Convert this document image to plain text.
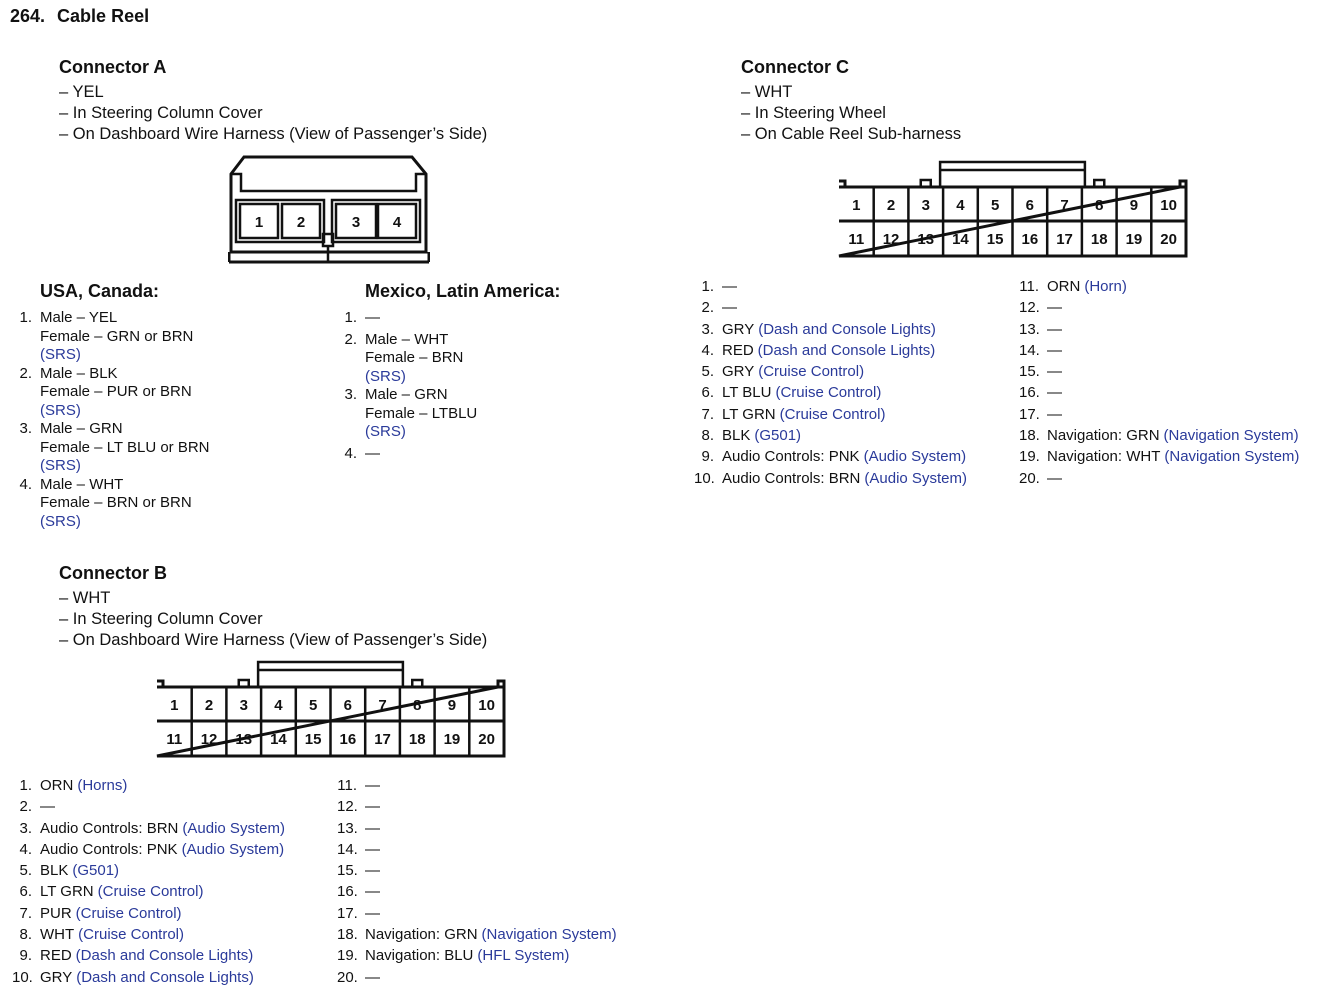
264. Cable Reel
Connector A
– YEL
– In Steering Column Cover
– On Dashboard Wire Harness (View of Passenger’s Side)
1 2	3 4
USA, Canada:
1. Male – YEL
Female – GRN or BRN
(SRS)
2. Male – BLK
Female – PUR or BRN
(SRS)
3. Male – GRN
Female – LT BLU or BRN
(SRS)
4. Male – WHT
Female – BRN or BRN
(SRS)
Mexico, Latin America:
1. —
2. Male – WHT
Female – BRN
(SRS)
3. Male – GRN
Female – LTBLU
(SRS)
4. —
Connector B
– WHT
– In Steering Column Cover
– On Dashboard Wire Harness (View of Passenger’s Side)
1 2 3 4 5 6 7 8 9 10
11 12 13 14 15 16 17 18 19 20
1. ORN (Horns)
2. —
3. Audio Controls: BRN (Audio System)
4. Audio Controls: PNK (Audio System)
5. BLK (G501)
6. LT GRN (Cruise Control)
7. PUR (Cruise Control)
8. WHT (Cruise Control)
9. RED (Dash and Console Lights)
10. GRY (Dash and Console Lights)
11. —
12. —
13. —
14. —
15. —
16. —
17. —
18. Navigation: GRN (Navigation System)
19. Navigation: BLU (HFL System)
20. —
Connector C
– WHT
– In Steering Wheel
– On Cable Reel Sub-harness
1 2 3 4 5 6 7 8 9 10
11 12 13 14 15 16 17 18 19 20
1. —
2. —
3. GRY (Dash and Console Lights)
4. RED (Dash and Console Lights)
5. GRY (Cruise Control)
6. LT BLU (Cruise Control)
7. LT GRN (Cruise Control)
8. BLK (G501)
9. Audio Controls: PNK (Audio System)
10. Audio Controls: BRN (Audio System)
11. ORN (Horn)
12. —
13. —
14. —
15. —
16. —
17. —
18. Navigation: GRN (Navigation System)
19. Navigation: WHT (Navigation System)
20. —
